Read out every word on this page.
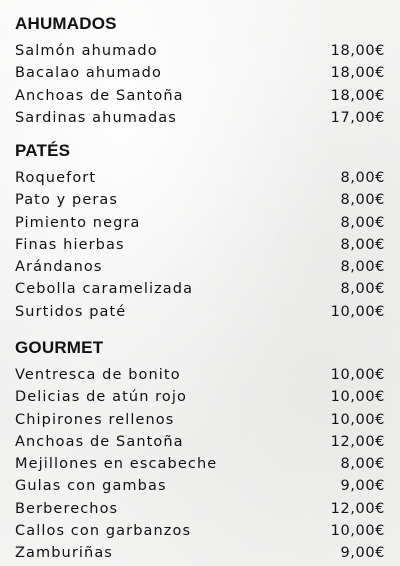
AHUMADOS
Salmón ahumado	18,00€
Bacalao ahumado	18,00€
Anchoas de Santoña	18,00€
Sardinas ahumadas	17,00€
PATÉS
Roquefort	8,00€
Pato y peras	8,00€
Pimiento negra	8,00€
Finas hierbas	8,00€
Arándanos	8,00€
Cebolla caramelizada	8,00€
Surtidos paté	10,00€
GOURMET
Ventresca de bonito	10,00€
Delicias de atún rojo	10,00€
Chipirones rellenos	10,00€
Anchoas de Santoña	12,00€
Mejillones en escabeche	8,00€
Gulas con gambas	9,00€
Berberechos	12,00€
Callos con garbanzos	10,00€
Zamburiñas	9,00€
